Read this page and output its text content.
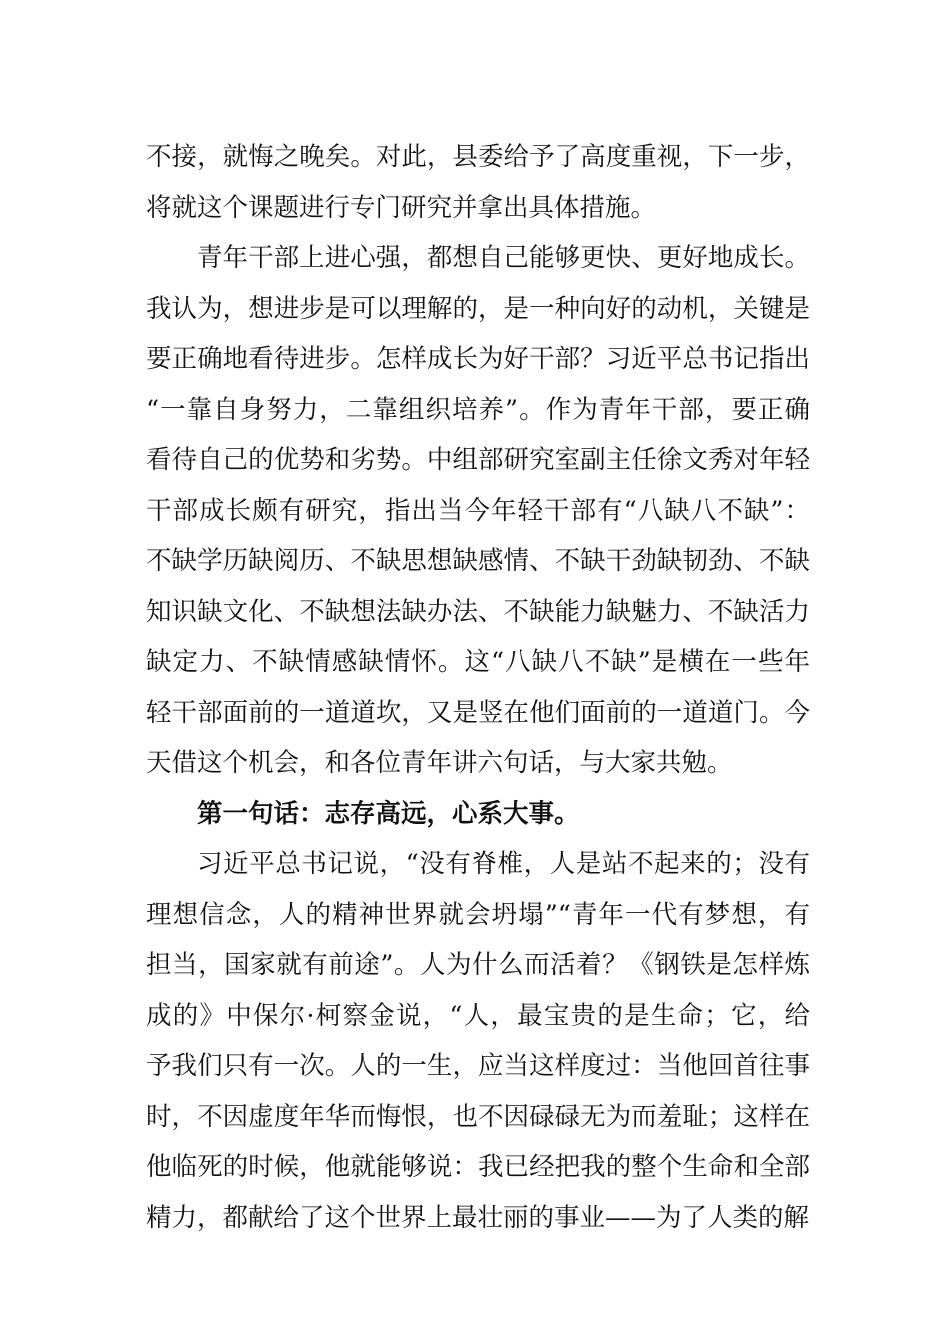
不接，就悔之晚矣。对此，县委给予了高度重视，下一步，
将就这个课题进行专门研究并拿出具体措施。
青年干部上进心强，都想自己能够更快、更好地成长。
我认为，想进步是可以理解的，是一种向好的动机，关键是
要正确地看待进步。怎样成长为好干部？习近平总书记指出
“一靠自身努力，二靠组织培养”。作为青年干部，要正确
看待自己的优势和劣势。中组部研究室副主任徐文秀对年轻
干部成长颇有研究，指出当今年轻干部有“八缺八不缺”：
不缺学历缺阅历、不缺思想缺感情、不缺干劲缺韧劲、不缺
知识缺文化、不缺想法缺办法、不缺能力缺魅力、不缺活力
缺定力、不缺情感缺情怀。这“八缺八不缺”是横在一些年
轻干部面前的一道道坎，又是竖在他们面前的一道道门。今
天借这个机会，和各位青年讲六句话，与大家共勉。
第一句话：志存高远，心系大事。
习近平总书记说，“没有脊椎，人是站不起来的；没有
理想信念，人的精神世界就会坍塌”“青年一代有梦想，有
担当，国家就有前途”。人为什么而活着？《钢铁是怎样炼
成的》中保尔·柯察金说，“人，最宝贵的是生命；它，给
予我们只有一次。人的一生，应当这样度过：当他回首往事
时，不因虚度年华而悔恨，也不因碌碌无为而羞耻；这样在
他临死的时候，他就能够说：我已经把我的整个生命和全部
精力，都献给了这个世界上最壮丽的事业——为了人类的解
